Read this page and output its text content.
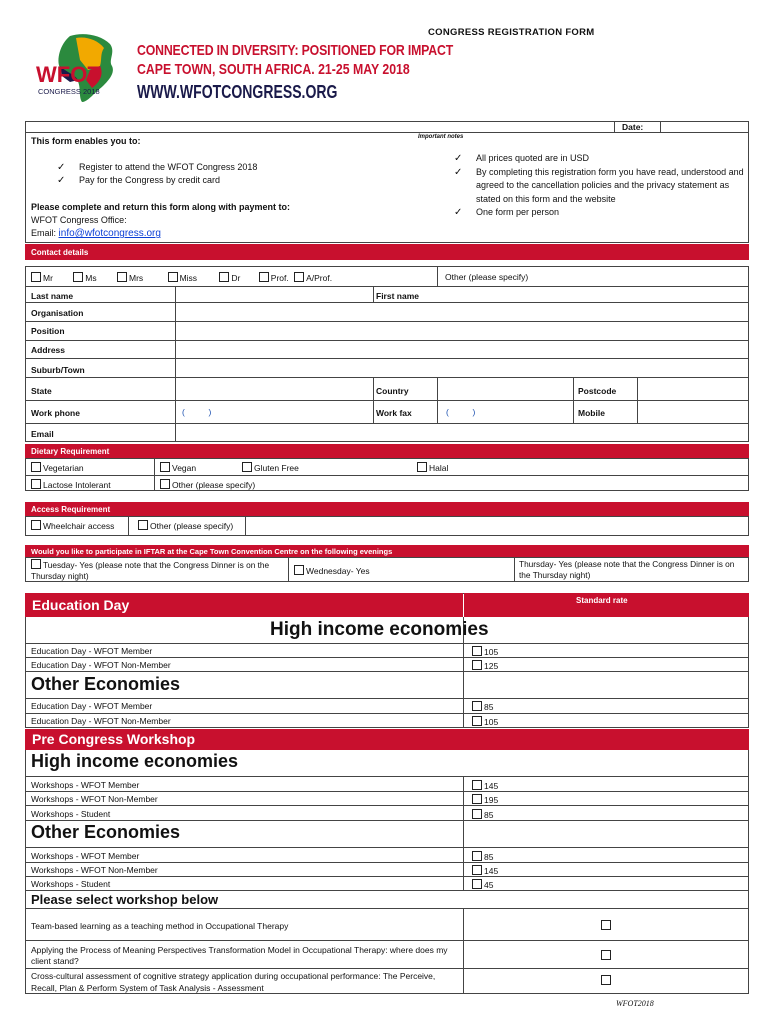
CONGRESS REGISTRATION FORM
WFOT
CONGRESS 2018
CONNECTED IN DIVERSITY: POSITIONED FOR IMPACT
CAPE TOWN, SOUTH AFRICA. 21-25 MAY 2018
WWW.WFOTCONGRESS.ORG
Date:
This form enables you to:	Important notes
✓ Register to attend the WFOT Congress 2018
✓ Pay for the Congress by credit card
✓ All prices quoted are in USD
✓ By completing this registration form you have read, understood and agreed to the cancellation policies and the privacy statement as stated on this form and the website
✓ One form per person
Please complete and return this form along with payment to:
WFOT Congress Office:
Email: info@wfotcongress.org
Contact details
Mr	Ms	Mrs	Miss	Dr	Prof. A/Prof.	Other (please specify)
Last name	First name
Organisation
Position
Address
Suburb/Town
State	Country	Postcode
Work phone	(          )	Work fax	(          )	Mobile
Email
Dietary Requirement
Vegetarian	Vegan	Gluten Free	Halal
Lactose Intolerant	Other (please specify)
Access Requirement
Wheelchair access	Other (please specify)
Would you like to participate in IFTAR at the Cape Town Convention Centre on the following evenings
Tuesday- Yes (please note that the Congress Dinner is on the Thursday night)	Wednesday- Yes
Thursday- Yes (please note that the Congress Dinner is on the Thursday night)
Education Day	Standard rate
High income economies
Education Day - WFOT Member	105
Education Day - WFOT Non-Member	125
Other Economies
Education Day - WFOT Member	85
Education Day - WFOT Non-Member	105
Pre Congress Workshop
High income economies
Workshops - WFOT Member	145
Workshops - WFOT Non-Member	195
Workshops - Student	85
Other Economies
Workshops - WFOT Member	85
Workshops - WFOT Non-Member	145
Workshops - Student	45
Please select workshop below
Team-based learning as a teaching method in Occupational Therapy
Applying the Process of Meaning Perspectives Transformation Model in Occupational Therapy: where does my client stand?
Cross-cultural assessment of cognitive strategy application during occupational performance: The Perceive, Recall, Plan & Perform System of Task Analysis - Assessment
WFOT2018
